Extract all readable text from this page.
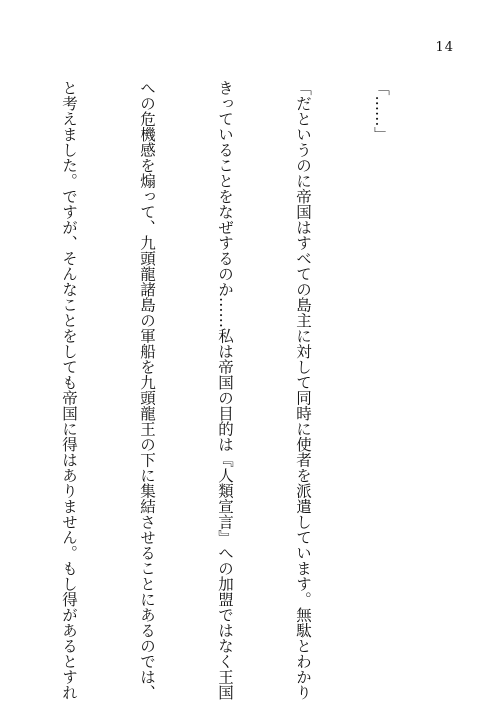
14

「……」

「だというのに帝国はすべての島主に対して同時に使者を派遣しています。無駄とわかり

きっていることをなぜするのか……私は帝国の目的は『人類宣言』への加盟ではなく王国

への危機感を煽って、九頭龍諸島の軍船を九頭龍王の下に集結させることにあるのでは、

と考えました。ですが、そんなことをしても帝国に得はありません。もし得があるとすれ
